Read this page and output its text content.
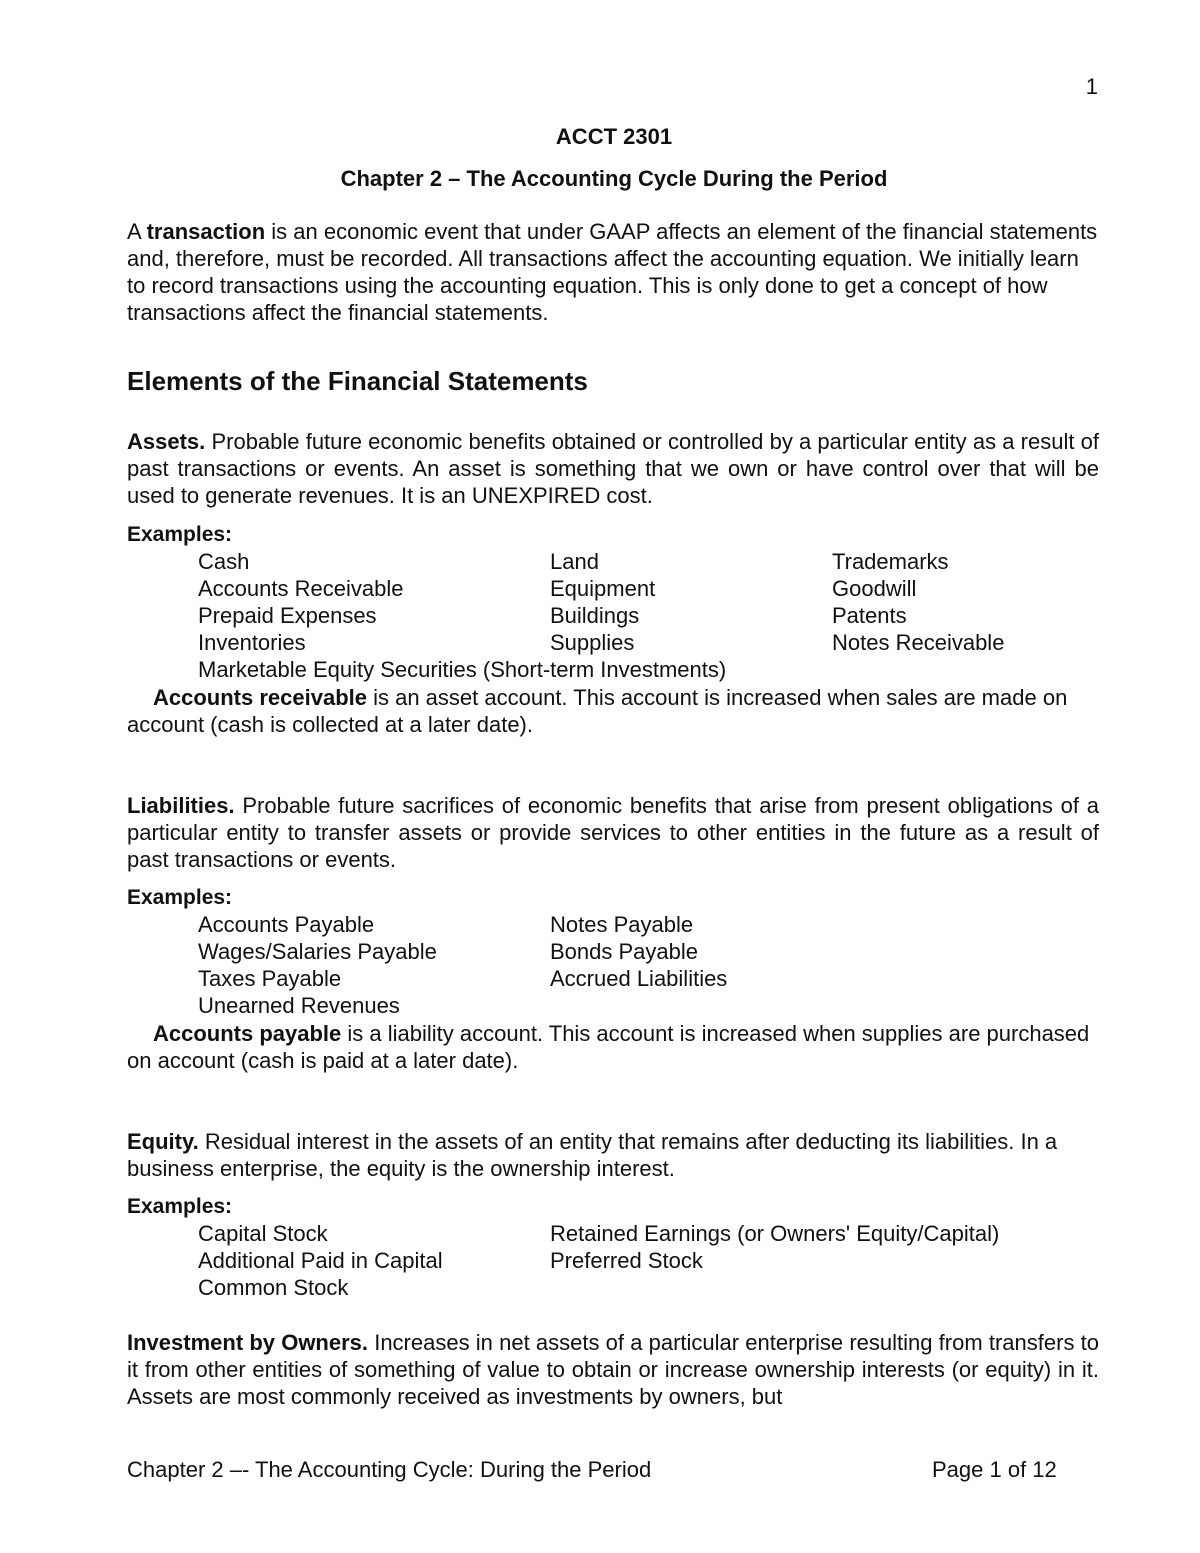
1
ACCT 2301
Chapter 2 – The Accounting Cycle During the Period
A transaction is an economic event that under GAAP affects an element of the financial statements and, therefore, must be recorded. All transactions affect the accounting equation. We initially learn to record transactions using the accounting equation. This is only done to get a concept of how transactions affect the financial statements.
Elements of the Financial Statements
Assets. Probable future economic benefits obtained or controlled by a particular entity as a result of past transactions or events. An asset is something that we own or have control over that will be used to generate revenues. It is an UNEXPIRED cost.
Examples:
Cash	Land	Trademarks
Accounts Receivable	Equipment	Goodwill
Prepaid Expenses	Buildings	Patents
Inventories	Supplies	Notes Receivable
Marketable Equity Securities (Short-term Investments)
Accounts receivable is an asset account. This account is increased when sales are made on account (cash is collected at a later date).
Liabilities. Probable future sacrifices of economic benefits that arise from present obligations of a particular entity to transfer assets or provide services to other entities in the future as a result of past transactions or events.
Examples:
Accounts Payable	Notes Payable
Wages/Salaries Payable	Bonds Payable
Taxes Payable	Accrued Liabilities
Unearned Revenues
Accounts payable is a liability account. This account is increased when supplies are purchased on account (cash is paid at a later date).
Equity. Residual interest in the assets of an entity that remains after deducting its liabilities. In a business enterprise, the equity is the ownership interest.
Examples:
Capital Stock	Retained Earnings (or Owners' Equity/Capital)
Additional Paid in Capital	Preferred Stock
Common Stock
Investment by Owners. Increases in net assets of a particular enterprise resulting from transfers to it from other entities of something of value to obtain or increase ownership interests (or equity) in it. Assets are most commonly received as investments by owners, but
Chapter 2 –- The Accounting Cycle: During the Period	Page 1 of 12
